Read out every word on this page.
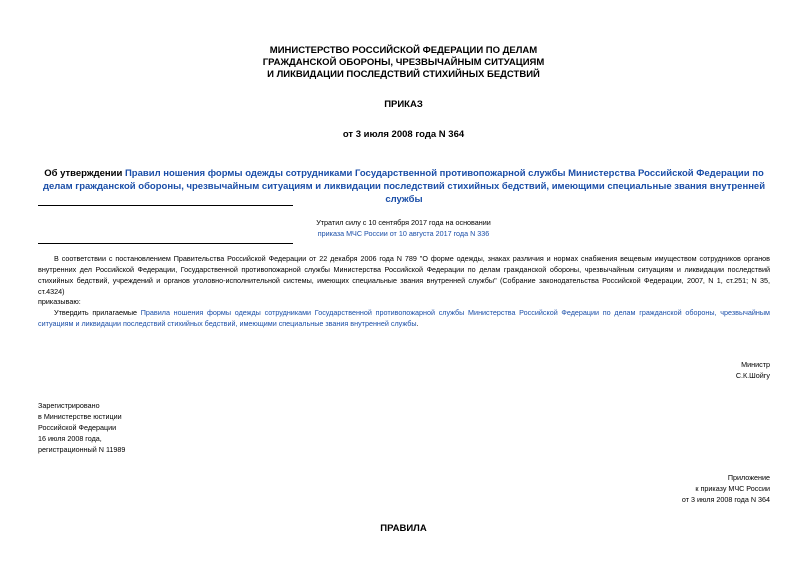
МИНИСТЕРСТВО РОССИЙСКОЙ ФЕДЕРАЦИИ ПО ДЕЛАМ
ГРАЖДАНСКОЙ ОБОРОНЫ, ЧРЕЗВЫЧАЙНЫМ СИТУАЦИЯМ
И ЛИКВИДАЦИИ ПОСЛЕДСТВИЙ СТИХИЙНЫХ БЕДСТВИЙ
ПРИКАЗ
от 3 июля 2008 года N 364
Об утверждении Правил ношения формы одежды сотрудниками Государственной противопожарной службы Министерства Российской Федерации по делам гражданской обороны, чрезвычайным ситуациям и ликвидации последствий стихийных бедствий, имеющими специальные звания внутренней службы
Утратил силу с 10 сентября 2017 года на основании
приказа МЧС России от 10 августа 2017 года N 336
В соответствии с постановлением Правительства Российской Федерации от 22 декабря 2006 года N 789 "О форме одежды, знаках различия и нормах снабжения вещевым имуществом сотрудников органов внутренних дел Российской Федерации, Государственной противопожарной службы Министерства Российской Федерации по делам гражданской обороны, чрезвычайным ситуациям и ликвидации последствий стихийных бедствий, учреждений и органов уголовно-исполнительной системы, имеющих специальные звания внутренней службы" (Собрание законодательства Российской Федерации, 2007, N 1, ст.251; N 35, ст.4324)
приказываю:
Утвердить прилагаемые Правила ношения формы одежды сотрудниками Государственной противопожарной службы Министерства Российской Федерации по делам гражданской обороны, чрезвычайным ситуациям и ликвидации последствий стихийных бедствий, имеющими специальные звания внутренней службы.
Министр
С.К.Шойгу
Зарегистрировано
в Министерстве юстиции
Российской Федерации
16 июля 2008 года,
регистрационный N 11989
Приложение
к приказу МЧС России
от 3 июля 2008 года N 364
ПРАВИЛА
